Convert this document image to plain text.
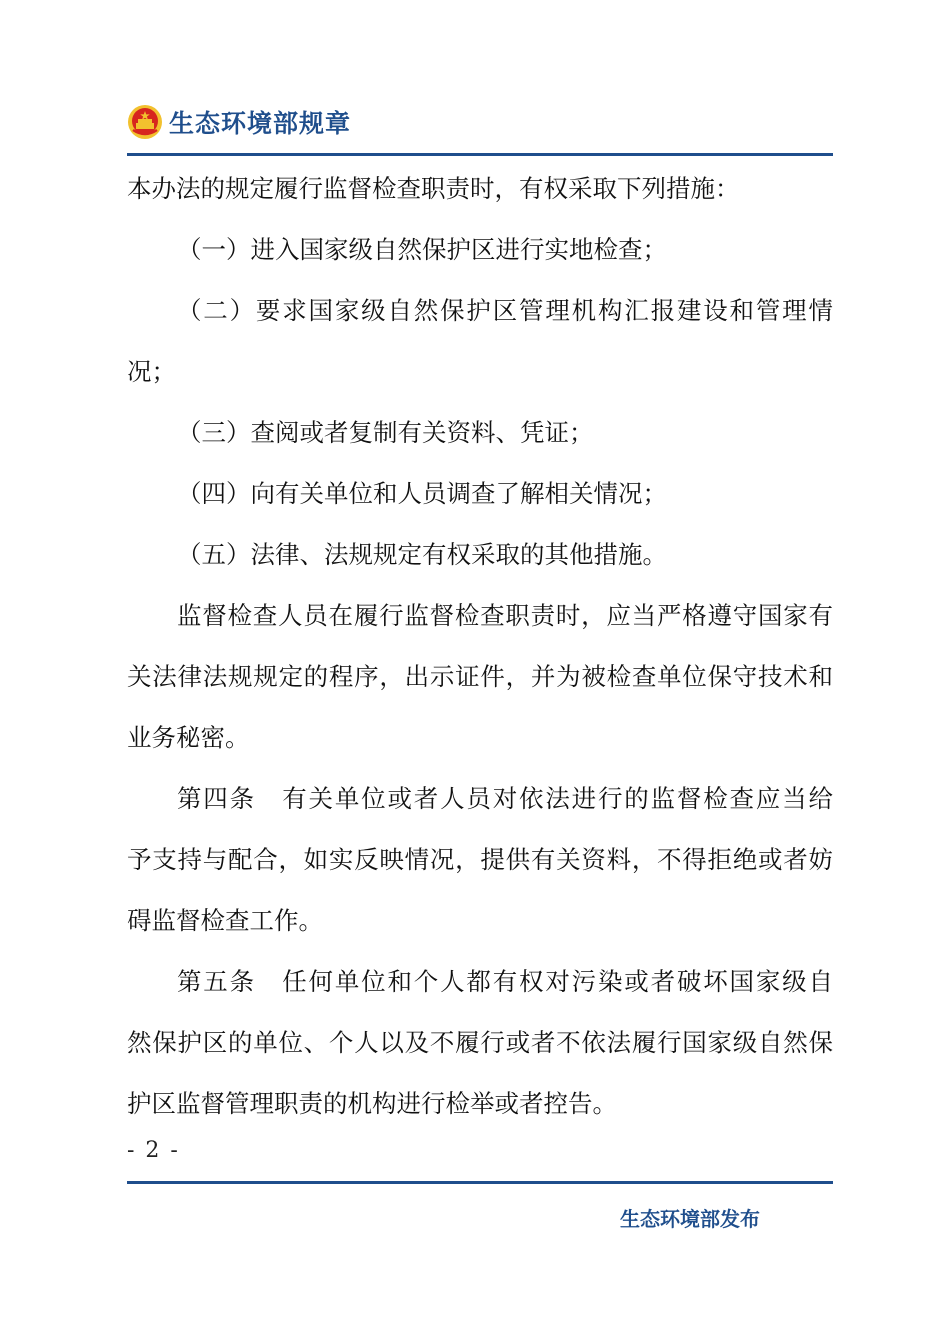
生态环境部规章
本办法的规定履行监督检查职责时，有权采取下列措施：
（一）进入国家级自然保护区进行实地检查；
（二）要求国家级自然保护区管理机构汇报建设和管理情
况；
（三）查阅或者复制有关资料、凭证；
（四）向有关单位和人员调查了解相关情况；
（五）法律、法规规定有权采取的其他措施。
监督检查人员在履行监督检查职责时，应当严格遵守国家有
关法律法规规定的程序，出示证件，并为被检查单位保守技术和
业务秘密。
第四条　有关单位或者人员对依法进行的监督检查应当给
予支持与配合，如实反映情况，提供有关资料，不得拒绝或者妨
碍监督检查工作。
第五条　任何单位和个人都有权对污染或者破坏国家级自
然保护区的单位、个人以及不履行或者不依法履行国家级自然保
护区监督管理职责的机构进行检举或者控告。
- 2 -
生态环境部发布
